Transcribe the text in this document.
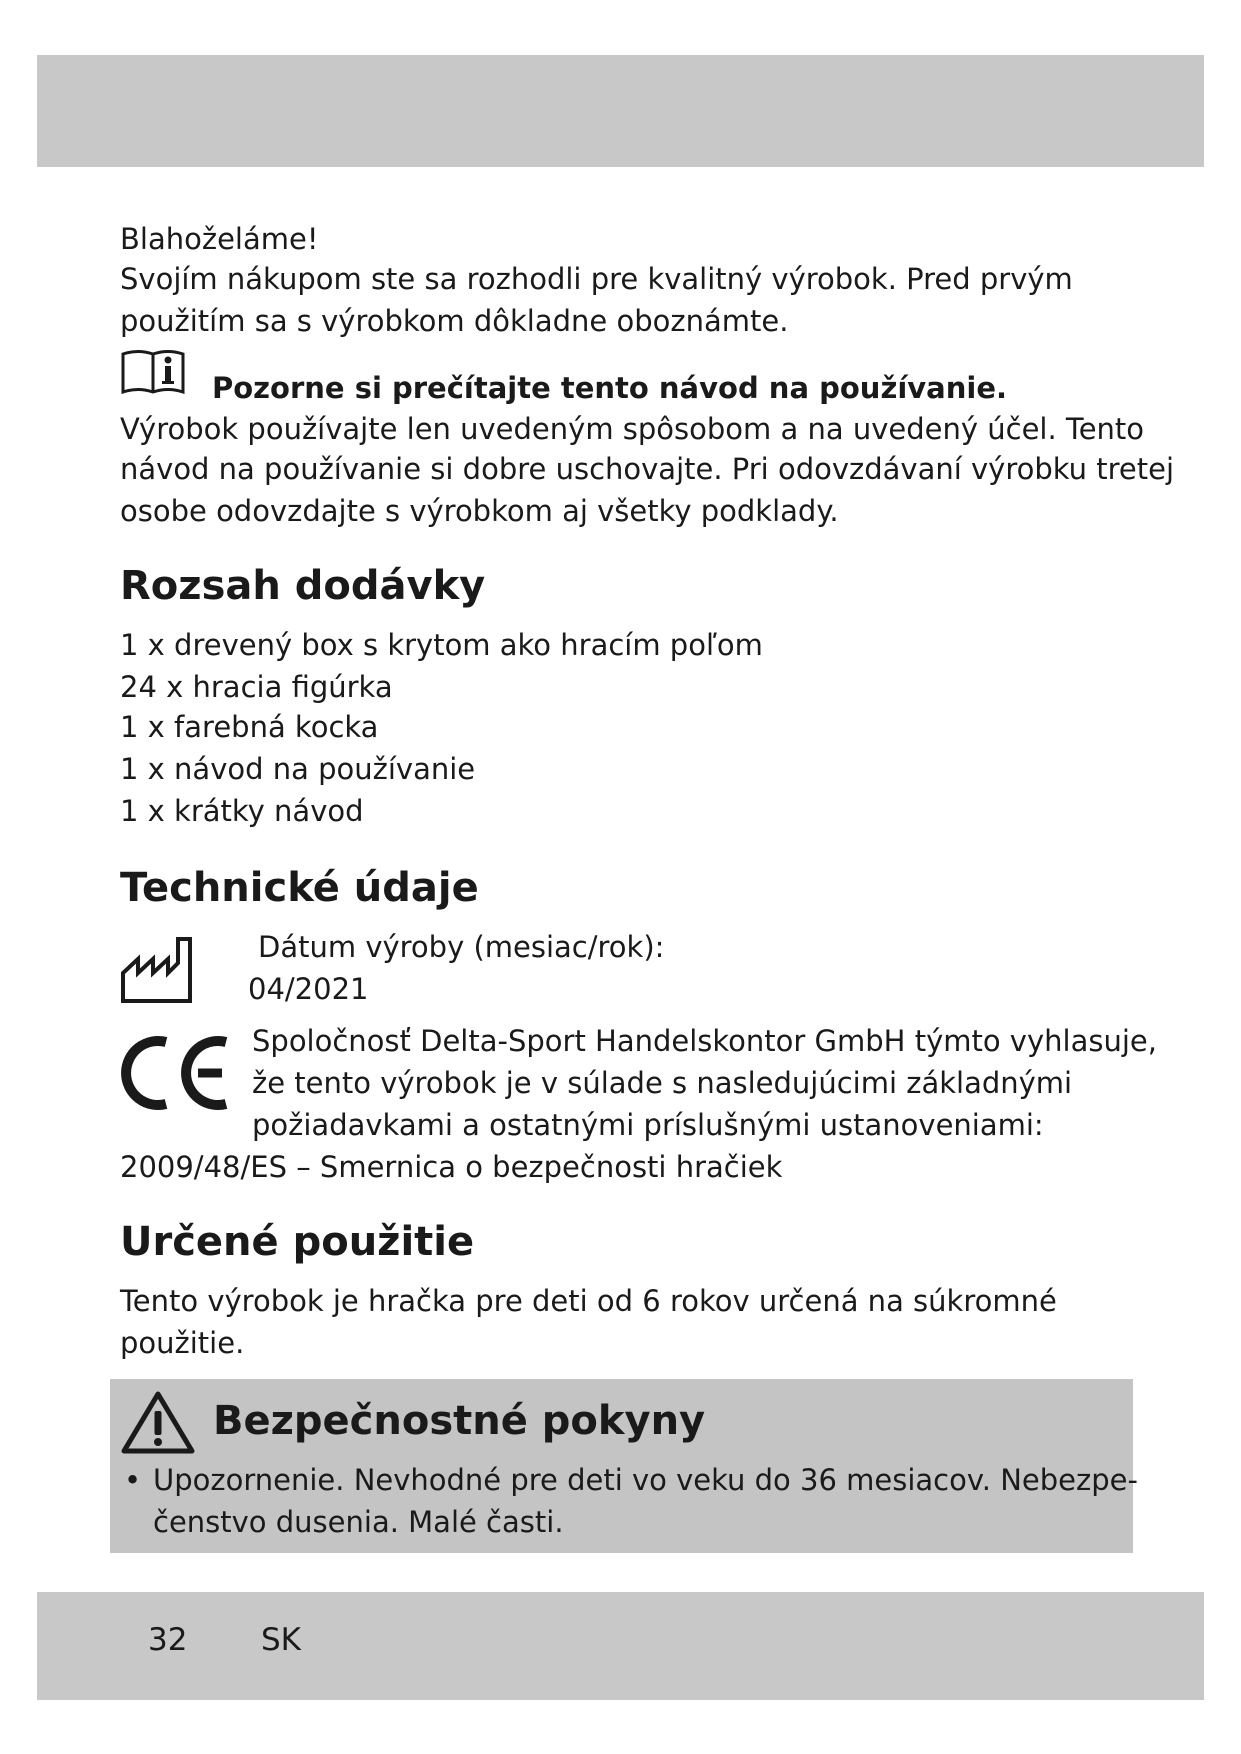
Blahoželáme!

Svojím nákupom ste sa rozhodli pre kvalitný výrobok. Pred prvým

použitím sa s výrobkom dôkladne oboznámte.

Pozorne si prečítajte tento návod na používanie.

Výrobok používajte len uvedeným spôsobom a na uvedený účel. Tento

návod na používanie si dobre uschovajte. Pri odovzdávaní výrobku tretej

osobe odovzdajte s výrobkom aj všetky podklady.

Rozsah dodávky

1 x drevený box s krytom ako hracím poľom

24 x hracia figúrka

1 x farebná kocka

1 x návod na používanie

1 x krátky návod

Technické údaje

Dátum výroby (mesiac/rok):

04/2021

Spoločnosť Delta-Sport Handelskontor GmbH týmto vyhlasuje,

že tento výrobok je v súlade s nasledujúcimi základnými

požiadavkami a ostatnými príslušnými ustanoveniami:

2009/48/ES – Smernica o bezpečnosti hračiek

Určené použitie

Tento výrobok je hračka pre deti od 6 rokov určená na súkromné

použitie.

Bezpečnostné pokyny
• Upozornenie. Nevhodné pre deti vo veku do 36 mesiacov. Nebezpe-

čenstvo dusenia. Malé časti.

32 SK
